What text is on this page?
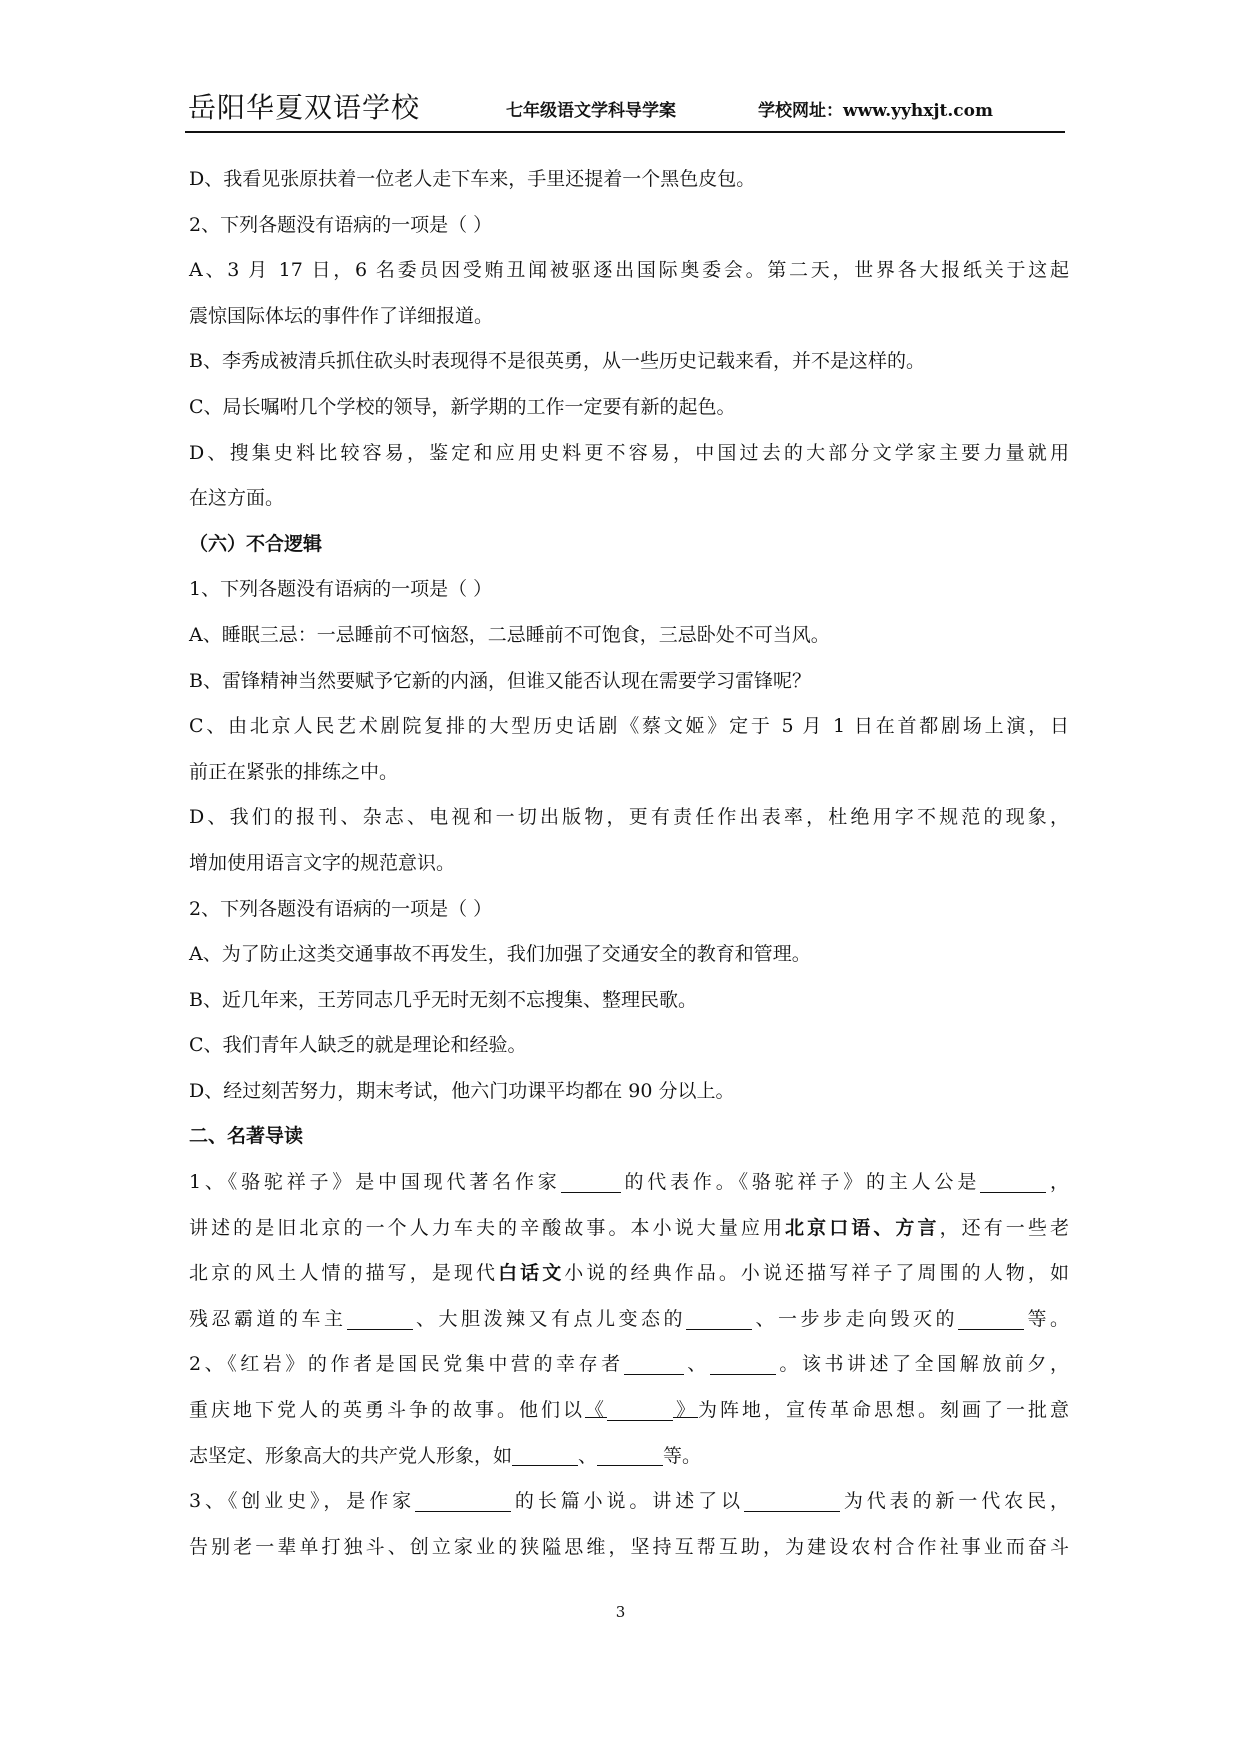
岳阳华夏双语学校	七年级语文学科导学案	学校网址：www.yyhxjt.com
D、我看见张原扶着一位老人走下车来，手里还提着一个黑色皮包。
2、下列各题没有语病的一项是（ ）
A、3 月 17 日，6 名委员因受贿丑闻被驱逐出国际奥委会。第二天，世界各大报纸关于这起
震惊国际体坛的事件作了详细报道。
B、李秀成被清兵抓住砍头时表现得不是很英勇，从一些历史记载来看，并不是这样的。
C、局长嘱咐几个学校的领导，新学期的工作一定要有新的起色。
D、搜集史料比较容易，鉴定和应用史料更不容易，中国过去的大部分文学家主要力量就用
在这方面。
（六）不合逻辑
1、下列各题没有语病的一项是（ ）
A、睡眠三忌：一忌睡前不可恼怒，二忌睡前不可饱食，三忌卧处不可当风。
B、雷锋精神当然要赋予它新的内涵，但谁又能否认现在需要学习雷锋呢？
C、由北京人民艺术剧院复排的大型历史话剧《蔡文姬》定于 5 月 1 日在首都剧场上演，日
前正在紧张的排练之中。
D、我们的报刊、杂志、电视和一切出版物，更有责任作出表率，杜绝用字不规范的现象，
增加使用语言文字的规范意识。
2、下列各题没有语病的一项是（ ）
A、为了防止这类交通事故不再发生，我们加强了交通安全的教育和管理。
B、近几年来，王芳同志几乎无时无刻不忘搜集、整理民歌。
C、我们青年人缺乏的就是理论和经验。
D、经过刻苦努力，期末考试，他六门功课平均都在 90 分以上。
二、名著导读
1、《骆驼祥子》是中国现代著名作家	的代表作。《骆驼祥子》的主人公是	，
讲述的是旧北京的一个人力车夫的辛酸故事。本小说大量应用北京口语、方言，还有一些老
北京的风土人情的描写，是现代白话文小说的经典作品。小说还描写祥子了周围的人物，如
残忍霸道的车主	、大胆泼辣又有点儿变态的	、一步步走向毁灭的	等。
2、《红岩》的作者是国民党集中营的幸存者	、	。该书讲述了全国解放前夕，
重庆地下党人的英勇斗争的故事。他们以《	》为阵地，宣传革命思想。刻画了一批意
志坚定、形象高大的共产党人形象，如	、	等。
3、《创业史》，是作家	的长篇小说。讲述了以	为代表的新一代农民，
告别老一辈单打独斗、创立家业的狭隘思维，坚持互帮互助，为建设农村合作社事业而奋斗
3
